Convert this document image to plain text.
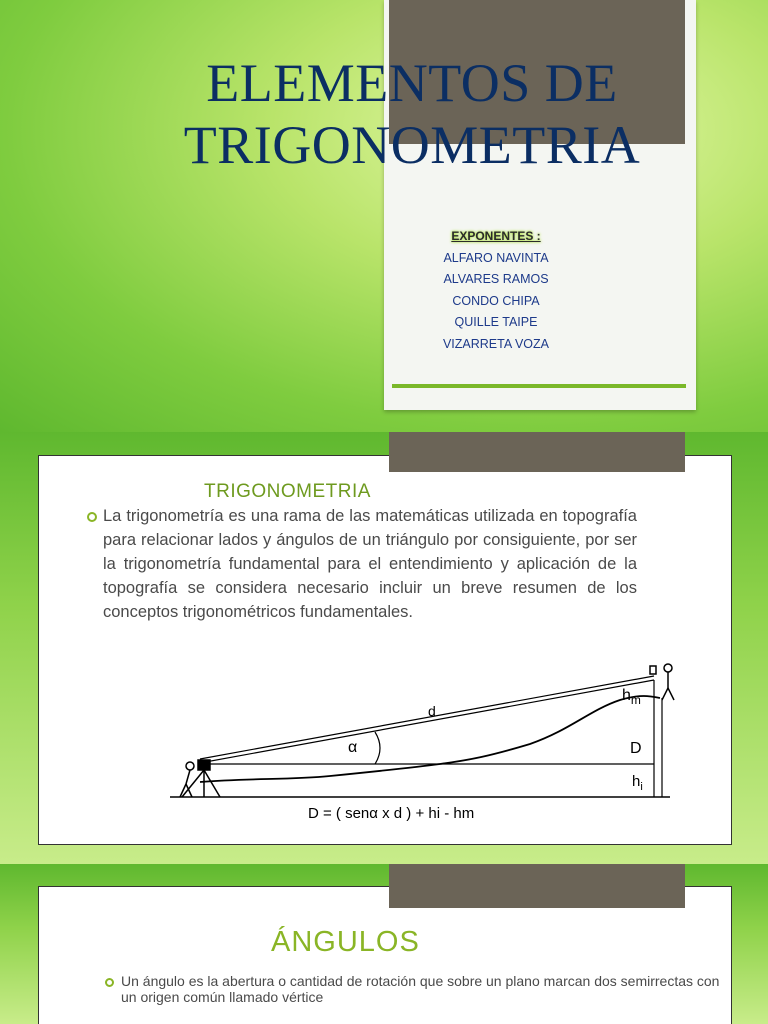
ELEMENTOS DE
TRIGONOMETRIA
EXPONENTES :
ALFARO NAVINTA
ALVARES RAMOS
CONDO CHIPA
QUILLE TAIPE
VIZARRETA VOZA
TRIGONOMETRIA
La trigonometría es una rama de las matemáticas utilizada en topografía para relacionar lados y ángulos de un triángulo por consiguiente, por ser la trigonometría fundamental para el entendimiento y aplicación de la topografía se considera necesario incluir un breve resumen de los conceptos trigonométricos fundamentales.
d
α
$h_m$
D
$h_i$
D = ( senα x d ) + hi - hm
ÁNGULOS
Un ángulo es la abertura o cantidad de rotación que sobre un plano marcan dos semirrectas con un origen común llamado vértice
